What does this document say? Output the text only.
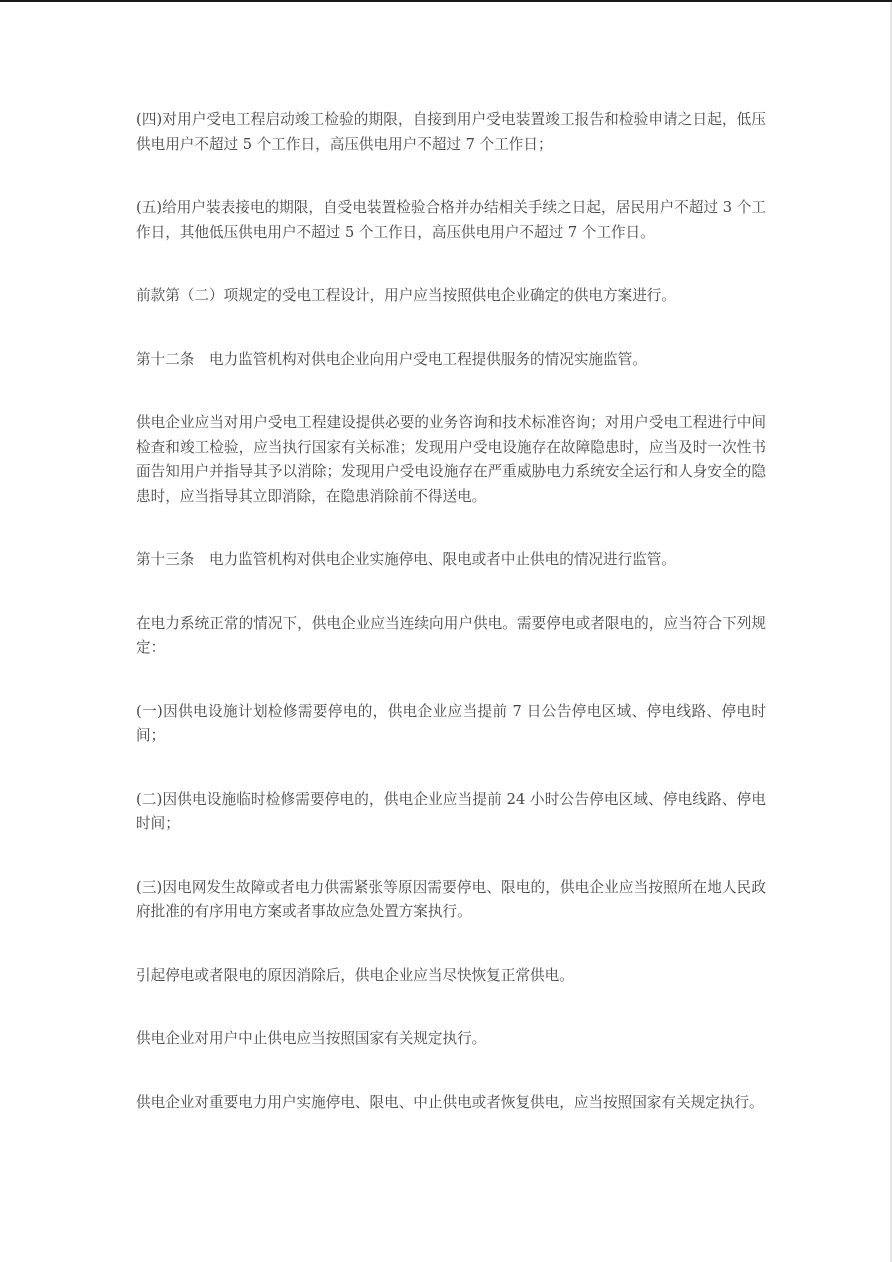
(四)对用户受电工程启动竣工检验的期限，自接到用户受电装置竣工报告和检验申请之日起，低压供电用户不超过 5 个工作日，高压供电用户不超过 7 个工作日；

(五)给用户装表接电的期限，自受电装置检验合格并办结相关手续之日起，居民用户不超过 3 个工作日，其他低压供电用户不超过 5 个工作日，高压供电用户不超过 7 个工作日。

前款第（二）项规定的受电工程设计，用户应当按照供电企业确定的供电方案进行。

第十二条　电力监管机构对供电企业向用户受电工程提供服务的情况实施监管。

供电企业应当对用户受电工程建设提供必要的业务咨询和技术标准咨询；对用户受电工程进行中间检查和竣工检验，应当执行国家有关标准；发现用户受电设施存在故障隐患时，应当及时一次性书面告知用户并指导其予以消除；发现用户受电设施存在严重威胁电力系统安全运行和人身安全的隐患时，应当指导其立即消除，在隐患消除前不得送电。

第十三条　电力监管机构对供电企业实施停电、限电或者中止供电的情况进行监管。

在电力系统正常的情况下，供电企业应当连续向用户供电。需要停电或者限电的，应当符合下列规定：

(一)因供电设施计划检修需要停电的，供电企业应当提前 7 日公告停电区域、停电线路、停电时间；

(二)因供电设施临时检修需要停电的，供电企业应当提前 24 小时公告停电区域、停电线路、停电时间；

(三)因电网发生故障或者电力供需紧张等原因需要停电、限电的，供电企业应当按照所在地人民政府批准的有序用电方案或者事故应急处置方案执行。

引起停电或者限电的原因消除后，供电企业应当尽快恢复正常供电。

供电企业对用户中止供电应当按照国家有关规定执行。

供电企业对重要电力用户实施停电、限电、中止供电或者恢复供电，应当按照国家有关规定执行。
